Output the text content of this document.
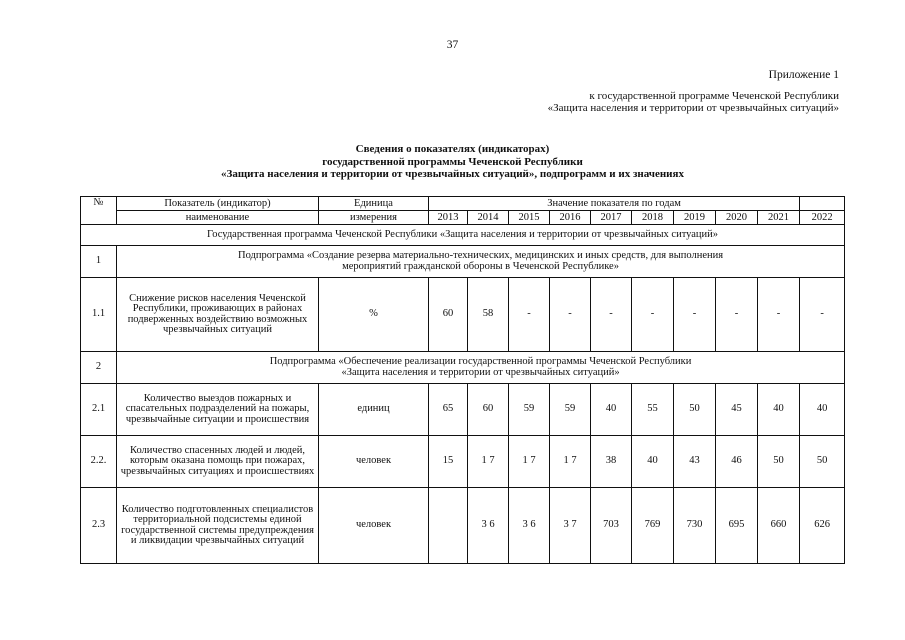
37
Приложение 1
к государственной программе Чеченской Республики
«Защита населения и территории от чрезвычайных ситуаций»
Сведения о показателях (индикаторах)
государственной программы Чеченской Республики
«Защита населения и территории от чрезвычайных ситуаций», подпрограмм и их значениях
№	Показатель (индикатор)	Единица	Значение показателя по годам									
	наименование	измерения	2013	2014	2015	2016	2017	2018	2019	2020	2021	2022
Государственная программа Чеченской Республики «Защита населения и территории от чрезвычайных ситуаций»												
1	Подпрограмма «Создание резерва материально-технических, медицинских и иных средств, для выполнения
мероприятий гражданской обороны в Чеченской Республике»											

1.1	Снижение рисков населения Чеченской Республики, проживающих в районах подверженных воздействию возможных чрезвычайных ситуаций	%	60	58	-	-	-	-	-	-	-	-
2	Подпрограмма «Обеспечение реализации государственной программы Чеченской Республики
«Защита населения и территории от чрезвычайных ситуаций»											

2.1	Количество выездов пожарных и спасательных подразделений на пожары, чрезвычайные ситуации и происшествия	единиц	65	60	59	59	40	55	50	45	40	40
2.2.	Количество спасенных людей и людей, которым оказана помощь при пожарах, чрезвычайных ситуациях и происшествиях	человек	15	1 7	1 7	1 7	38	40	43	46	50	50
2.3	Количество подготовленных специалистов территориальной подсистемы единой государственной системы предупреждения и ликвидации чрезвычайных ситуаций	человек		3 6	3 6	3 7	703	769	730	695	660	626
